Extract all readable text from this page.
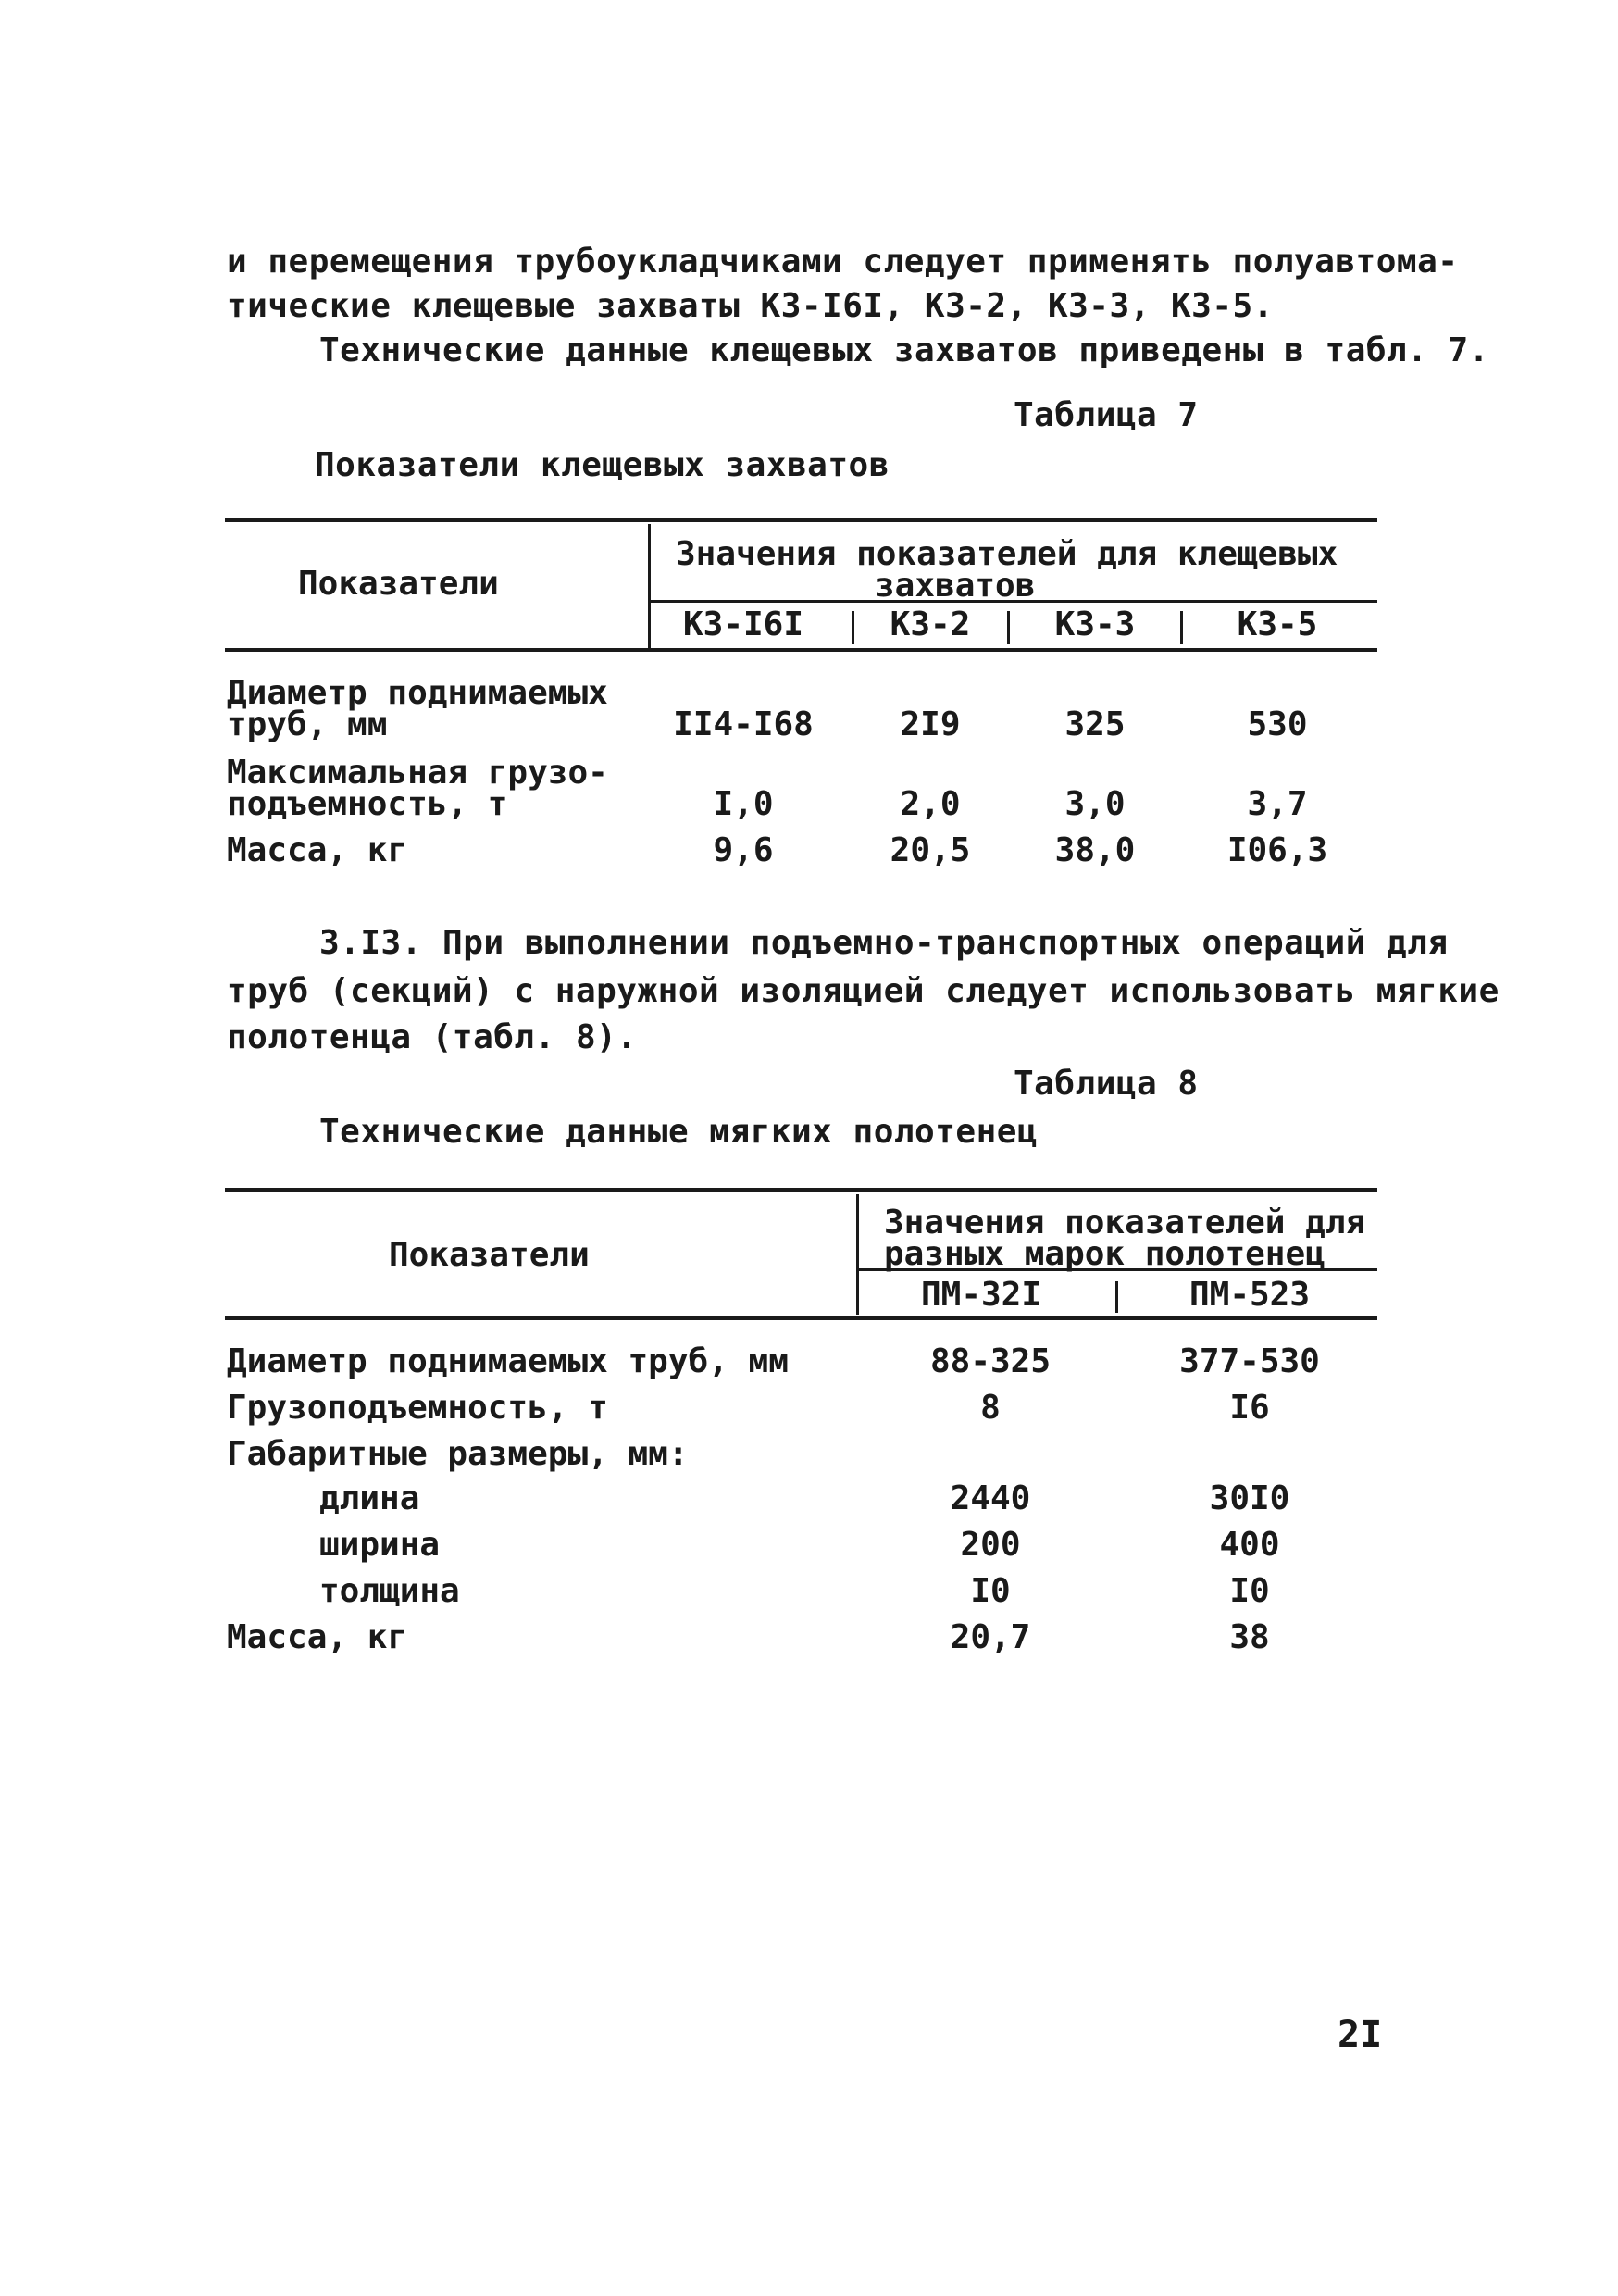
и перемещения трубоукладчиками следует применять полуавтома-
тические клещевые захваты КЗ-I6I, КЗ-2, КЗ-3, КЗ-5.
Технические данные клещевых захватов приведены в табл. 7.
Таблица 7
Показатели клещевых захватов
Показатели
Значения показателей для клещевых
захватов
КЗ-I6I	КЗ-2	КЗ-3	КЗ-5
Диаметр поднимаемых
труб, мм	II4-I68	2I9	325	530
Максимальная грузо-
подъемность, т	I,0	2,0	3,0	3,7
Масса, кг	9,6	20,5	38,0	I06,3
3.I3. При выполнении подъемно-транспортных операций для
труб (секций) с наружной изоляцией следует использовать мягкие
полотенца (табл. 8).
Таблица 8
Технические данные мягких полотенец
Показатели
Значения показателей для
разных марок полотенец
ПМ-32I	ПМ-523
Диаметр поднимаемых труб, мм	88-325	377-530
Грузоподъемность, т	8	I6
Габаритные размеры, мм:
длина	2440	30I0
ширина	200	400
толщина	I0	I0
Масса, кг	20,7	38
2I
